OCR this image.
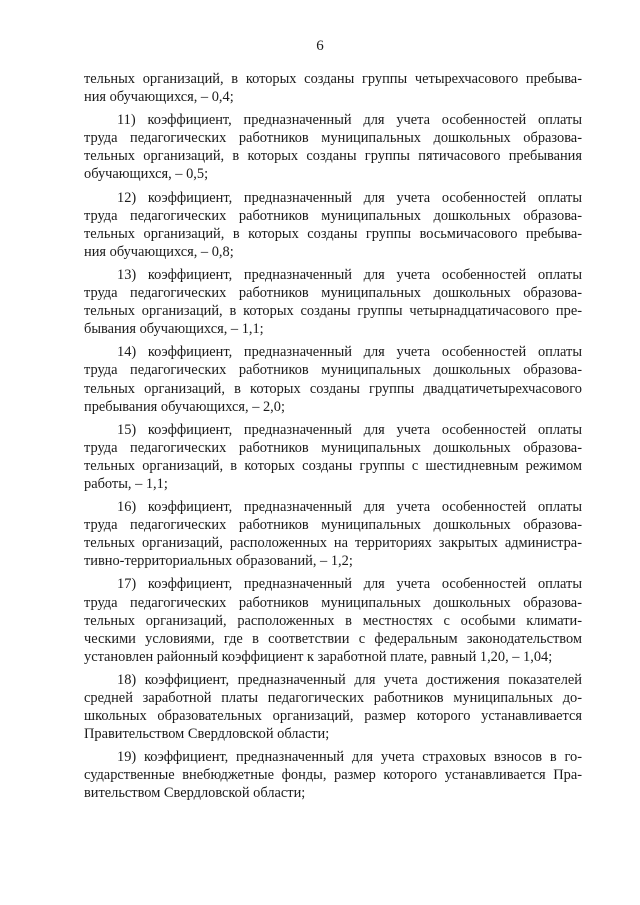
6

тельных организаций, в которых созданы группы четырехчасового пребыва-
ния обучающихся, – 0,4;

11) коэффициент, предназначенный для учета особенностей оплаты
труда педагогических работников муниципальных дошкольных образова-
тельных организаций, в которых созданы группы пятичасового пребывания
обучающихся, – 0,5;

12) коэффициент, предназначенный для учета особенностей оплаты
труда педагогических работников муниципальных дошкольных образова-
тельных организаций, в которых созданы группы восьмичасового пребыва-
ния обучающихся, – 0,8;

13) коэффициент, предназначенный для учета особенностей оплаты
труда педагогических работников муниципальных дошкольных образова-
тельных организаций, в которых созданы группы четырнадцатичасового пре-
бывания обучающихся, – 1,1;

14) коэффициент, предназначенный для учета особенностей оплаты
труда педагогических работников муниципальных дошкольных образова-
тельных организаций, в которых созданы группы двадцатичетырехчасового
пребывания обучающихся, – 2,0;

15) коэффициент, предназначенный для учета особенностей оплаты
труда педагогических работников муниципальных дошкольных образова-
тельных организаций, в которых созданы группы с шестидневным режимом
работы, – 1,1;

16) коэффициент, предназначенный для учета особенностей оплаты
труда педагогических работников муниципальных дошкольных образова-
тельных организаций, расположенных на территориях закрытых администра-
тивно-территориальных образований, – 1,2;

17) коэффициент, предназначенный для учета особенностей оплаты
труда педагогических работников муниципальных дошкольных образова-
тельных организаций, расположенных в местностях с особыми климати-
ческими условиями, где в соответствии с федеральным законодательством
установлен районный коэффициент к заработной плате, равный 1,20, – 1,04;

18) коэффициент, предназначенный для учета достижения показателей
средней заработной платы педагогических работников муниципальных до-
школьных образовательных организаций, размер которого устанавливается
Правительством Свердловской области;

19) коэффициент, предназначенный для учета страховых взносов в го-
сударственные внебюджетные фонды, размер которого устанавливается Пра-
вительством Свердловской области;
